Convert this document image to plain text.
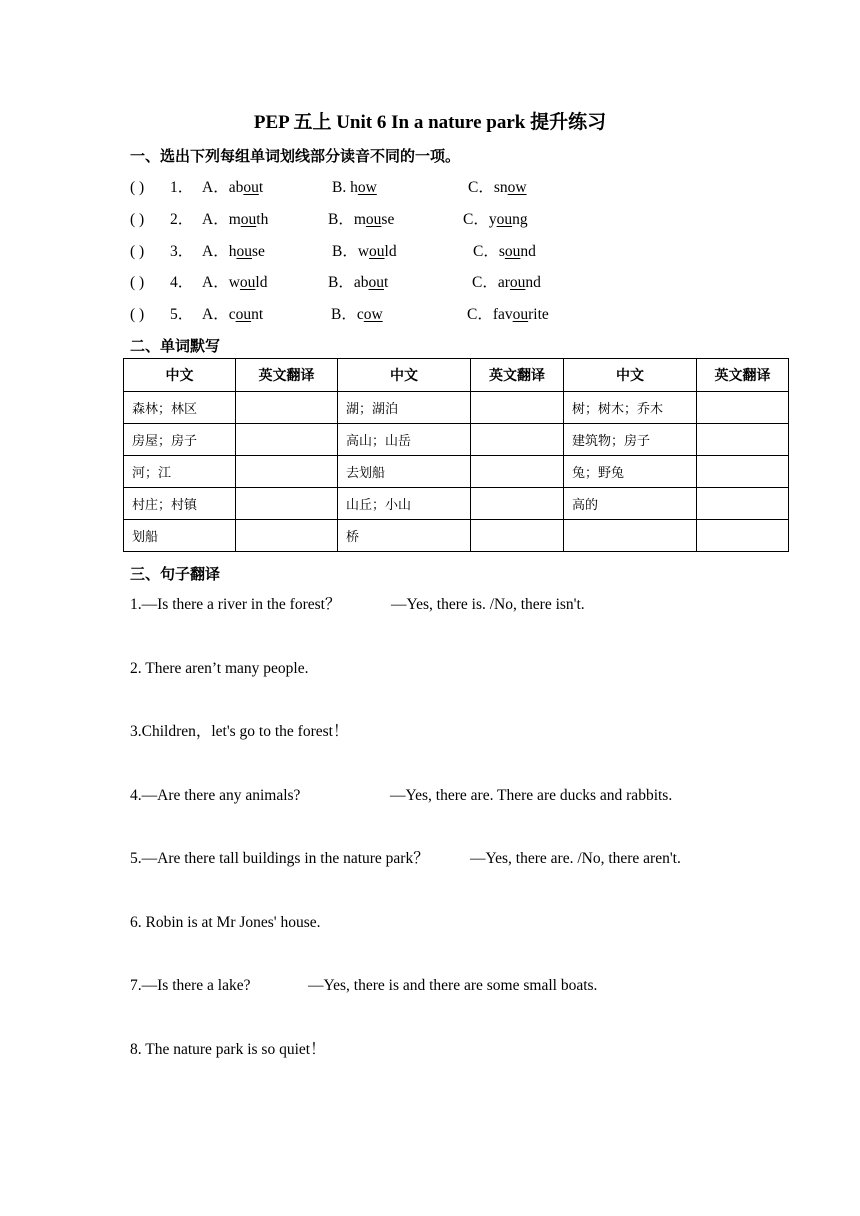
PEP 五上 Unit 6 In a nature park 提升练习
一、选出下列每组单词划线部分读音不同的一项。
( ) 1． A．about	B. how	C．snow
( ) 2． A．mouth	B．mouse	C．young
( ) 3． A．house	B．would	C．sound
( ) 4． A．would	B．about	C．around
( ) 5． A．count	B．cow	C．favourite
二、单词默写
中文	英文翻译	中文	英文翻译	中文	英文翻译
森林；林区		湖；湖泊		树；树木；乔木	
房屋；房子		高山；山岳		建筑物；房子	
河；江		去划船		兔；野兔	
村庄；村镇		山丘；小山		高的	
划船		桥			
三、句子翻译
1.—Is there a river in the forest？	—Yes, there is. /No, there isn't.
2. There aren’t many people.
3.Children，let's go to the forest！
4.—Are there any animals?	—Yes, there are. There are ducks and rabbits.
5.—Are there tall buildings in the nature park？	—Yes, there are. /No, there aren't.
6. Robin is at Mr Jones' house.
7.—Is there a lake?	—Yes, there is and there are some small boats.
8. The nature park is so quiet！
